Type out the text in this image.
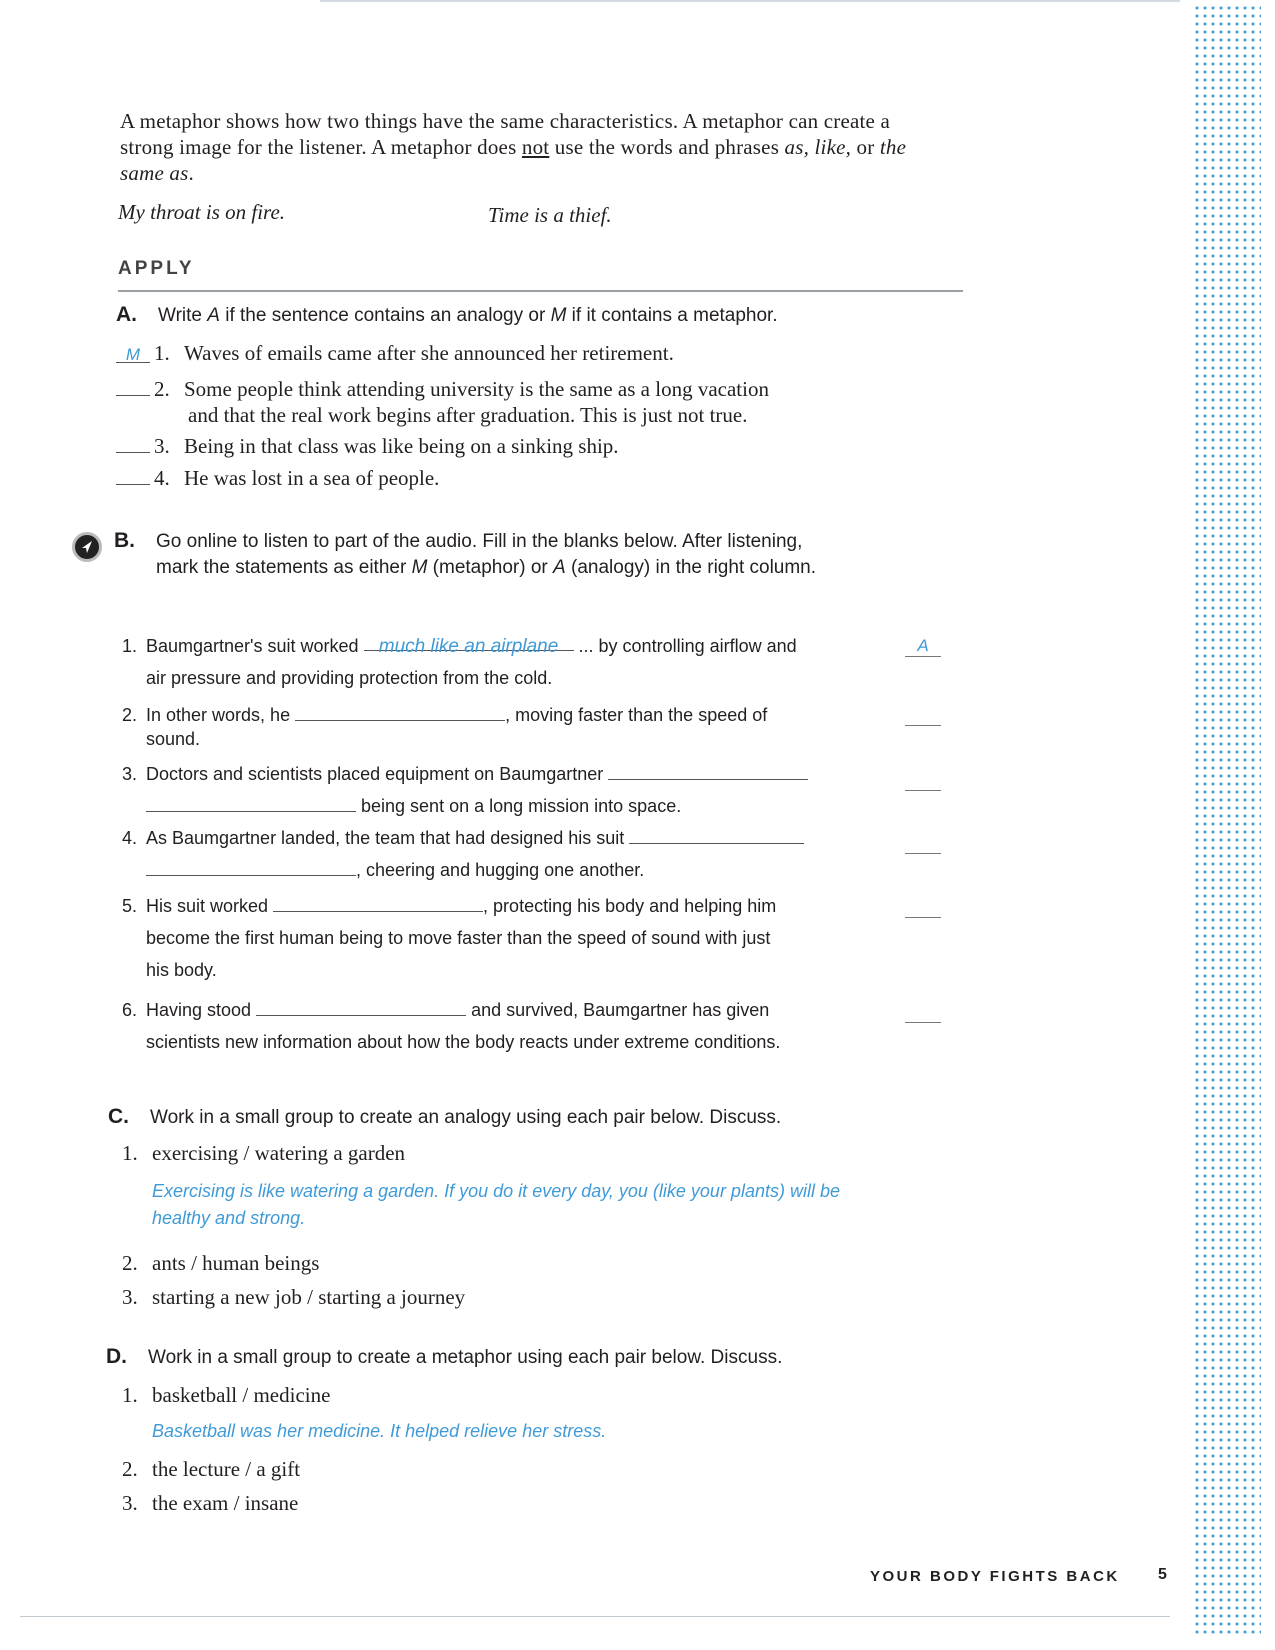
A metaphor shows how two things have the same characteristics. A metaphor can create a strong image for the listener. A metaphor does not use the words and phrases as, like, or the same as.
My throat is on fire.	Time is a thief.
APPLY
A. Write A if the sentence contains an analogy or M if it contains a metaphor.
M 1. Waves of emails came after she announced her retirement.
2. Some people think attending university is the same as a long vacation
and that the real work begins after graduation. This is just not true.
3. Being in that class was like being on a sinking ship.
4. He was lost in a sea of people.
B. Go online to listen to part of the audio. Fill in the blanks below. After listening,
mark the statements as either M (metaphor) or A (analogy) in the right column.
1. Baumgartner's suit worked much like an airplane ... by controlling airflow and
air pressure and providing protection from the cold.
A
2. In other words, he	, moving faster than the speed of
sound.
3. Doctors and scientists placed equipment on Baumgartner
being sent on a long mission into space.
4. As Baumgartner landed, the team that had designed his suit
, cheering and hugging one another.
5. His suit worked	, protecting his body and helping him
become the first human being to move faster than the speed of sound with just
his body.
6. Having stood	and survived, Baumgartner has given
scientists new information about how the body reacts under extreme conditions.
C. Work in a small group to create an analogy using each pair below. Discuss.
1. exercising / watering a garden
Exercising is like watering a garden. If you do it every day, you (like your plants) will be
healthy and strong.
2. ants / human beings
3. starting a new job / starting a journey
D. Work in a small group to create a metaphor using each pair below. Discuss.
1. basketball / medicine
Basketball was her medicine. It helped relieve her stress.
2. the lecture / a gift
3. the exam / insane
YOUR BODY FIGHTS BACK 5
